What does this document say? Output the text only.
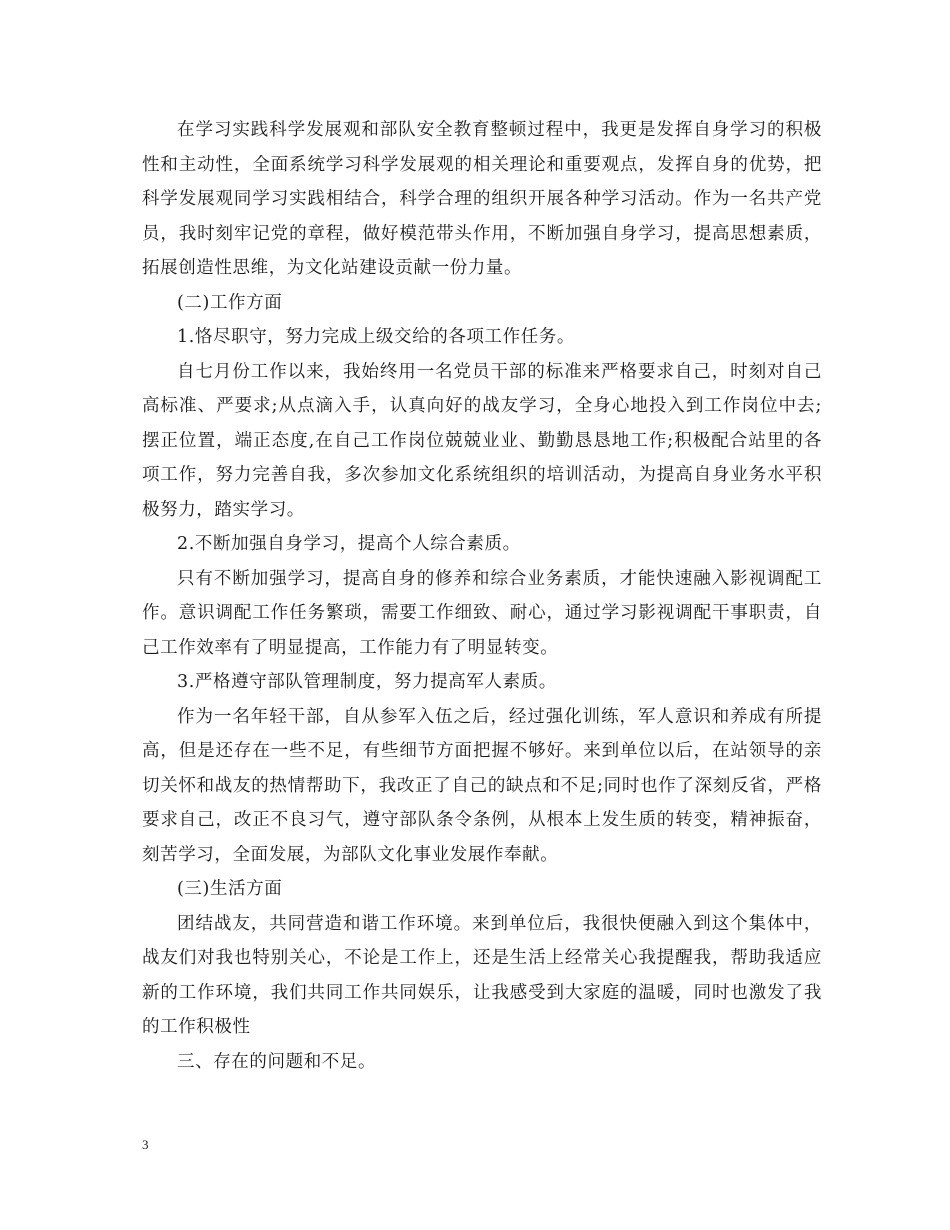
在学习实践科学发展观和部队安全教育整顿过程中，我更是发挥自身学习的积极性和主动性，全面系统学习科学发展观的相关理论和重要观点，发挥自身的优势，把科学发展观同学习实践相结合，科学合理的组织开展各种学习活动。作为一名共产党员，我时刻牢记党的章程，做好模范带头作用，不断加强自身学习，提高思想素质，拓展创造性思维，为文化站建设贡献一份力量。

(二)工作方面

1.恪尽职守，努力完成上级交给的各项工作任务。

自七月份工作以来，我始终用一名党员干部的标准来严格要求自己，时刻对自己高标准、严要求;从点滴入手，认真向好的战友学习，全身心地投入到工作岗位中去; 摆正位置，端正态度,在自己工作岗位兢兢业业、勤勤恳恳地工作;积极配合站里的各项工作，努力完善自我，多次参加文化系统组织的培训活动，为提高自身业务水平积极努力，踏实学习。

2.不断加强自身学习，提高个人综合素质。

只有不断加强学习，提高自身的修养和综合业务素质，才能快速融入影视调配工作。意识调配工作任务繁琐，需要工作细致、耐心，通过学习影视调配干事职责，自己工作效率有了明显提高，工作能力有了明显转变。

3.严格遵守部队管理制度，努力提高军人素质。

作为一名年轻干部，自从参军入伍之后，经过强化训练，军人意识和养成有所提高，但是还存在一些不足，有些细节方面把握不够好。来到单位以后，在站领导的亲切关怀和战友的热情帮助下，我改正了自己的缺点和不足;同时也作了深刻反省，严格要求自己，改正不良习气，遵守部队条令条例，从根本上发生质的转变，精神振奋，刻苦学习，全面发展，为部队文化事业发展作奉献。

(三)生活方面

团结战友，共同营造和谐工作环境。来到单位后，我很快便融入到这个集体中，战友们对我也特别关心，不论是工作上，还是生活上经常关心我提醒我，帮助我适应新的工作环境，我们共同工作共同娱乐，让我感受到大家庭的温暖，同时也激发了我的工作积极性

三、存在的问题和不足。

3
